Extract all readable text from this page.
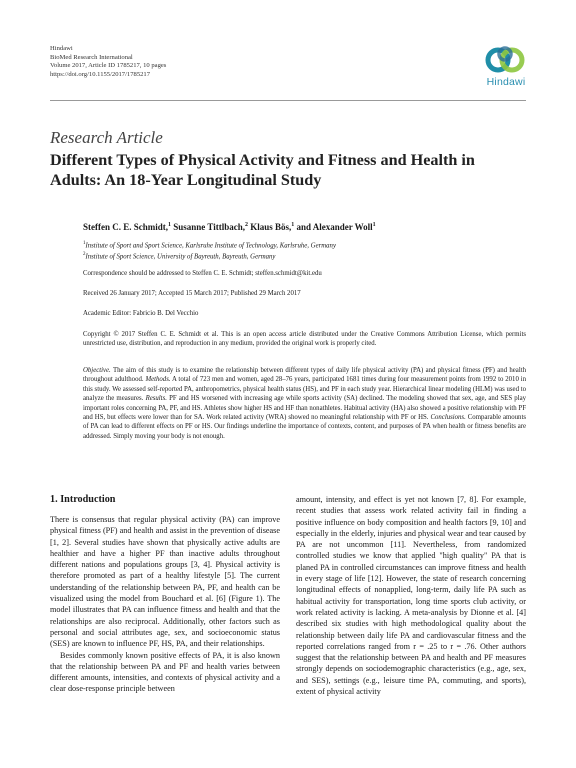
Hindawi
BioMed Research International
Volume 2017, Article ID 1785217, 10 pages
https://doi.org/10.1155/2017/1785217
Hindawi
Research Article
Different Types of Physical Activity and Fitness and Health in Adults: An 18-Year Longitudinal Study
Steffen C. E. Schmidt,$^1$ Susanne Tittlbach,$^2$ Klaus Bös,$^1$ and Alexander Woll$^1$
$^1$Institute of Sport and Sport Science, Karlsruhe Institute of Technology, Karlsruhe, Germany
$^2$Institute of Sport Science, University of Bayreuth, Bayreuth, Germany
Correspondence should be addressed to Steffen C. E. Schmidt; steffen.schmidt@kit.edu
Received 26 January 2017; Accepted 15 March 2017; Published 29 March 2017
Academic Editor: Fabricio B. Del Vecchio
Copyright © 2017 Steffen C. E. Schmidt et al. This is an open access article distributed under the Creative Commons Attribution License, which permits unrestricted use, distribution, and reproduction in any medium, provided the original work is properly cited.
Objective. The aim of this study is to examine the relationship between different types of daily life physical activity (PA) and physical fitness (PF) and health throughout adulthood. Methods. A total of 723 men and women, aged 28–76 years, participated 1681 times during four measurement points from 1992 to 2010 in this study. We assessed self-reported PA, anthropometrics, physical health status (HS), and PF in each study year. Hierarchical linear modeling (HLM) was used to analyze the measures. Results. PF and HS worsened with increasing age while sports activity (SA) declined. The modeling showed that sex, age, and SES play important roles concerning PA, PF, and HS. Athletes show higher HS and HF than nonathletes. Habitual activity (HA) also showed a positive relationship with PF and HS, but effects were lower than for SA. Work related activity (WRA) showed no meaningful relationship with PF or HS. Conclusions. Comparable amounts of PA can lead to different effects on PF or HS. Our findings underline the importance of contexts, content, and purposes of PA when health or fitness benefits are addressed. Simply moving your body is not enough.
1. Introduction

There is consensus that regular physical activity (PA) can improve physical fitness (PF) and health and assist in the prevention of disease [1, 2]. Several studies have shown that physically active adults are healthier and have a higher PF than inactive adults throughout different nations and populations groups [3, 4]. Physical activity is therefore promoted as part of a healthy lifestyle [5]. The current understanding of the relationship between PA, PF, and health can be visualized using the model from Bouchard et al. [6] (Figure 1). The model illustrates that PA can influence fitness and health and that the relationships are also reciprocal. Additionally, other factors such as personal and social attributes age, sex, and socioeconomic status (SES) are known to influence PF, HS, PA, and their relationships.

Besides commonly known positive effects of PA, it is also known that the relationship between PA and PF and health varies between different amounts, intensities, and contexts of physical activity and a clear dose-response principle between

amount, intensity, and effect is yet not known [7, 8]. For example, recent studies that assess work related activity fail in finding a positive influence on body composition and health factors [9, 10] and especially in the elderly, injuries and physical wear and tear caused by PA are not uncommon [11]. Nevertheless, from randomized controlled studies we know that applied "high quality" PA that is planed PA in controlled circumstances can improve fitness and health in every stage of life [12]. However, the state of research concerning longitudinal effects of nonapplied, long-term, daily life PA such as habitual activity for transportation, long time sports club activity, or work related activity is lacking. A meta-analysis by Dionne et al. [4] described six studies with high methodological quality about the relationship between daily life PA and cardiovascular fitness and the reported correlations ranged from r = .25 to r = .76. Other authors suggest that the relationship between PA and health and PF measures strongly depends on sociodemographic characteristics (e.g., age, sex, and SES), settings (e.g., leisure time PA, commuting, and sports), extent of physical activity
